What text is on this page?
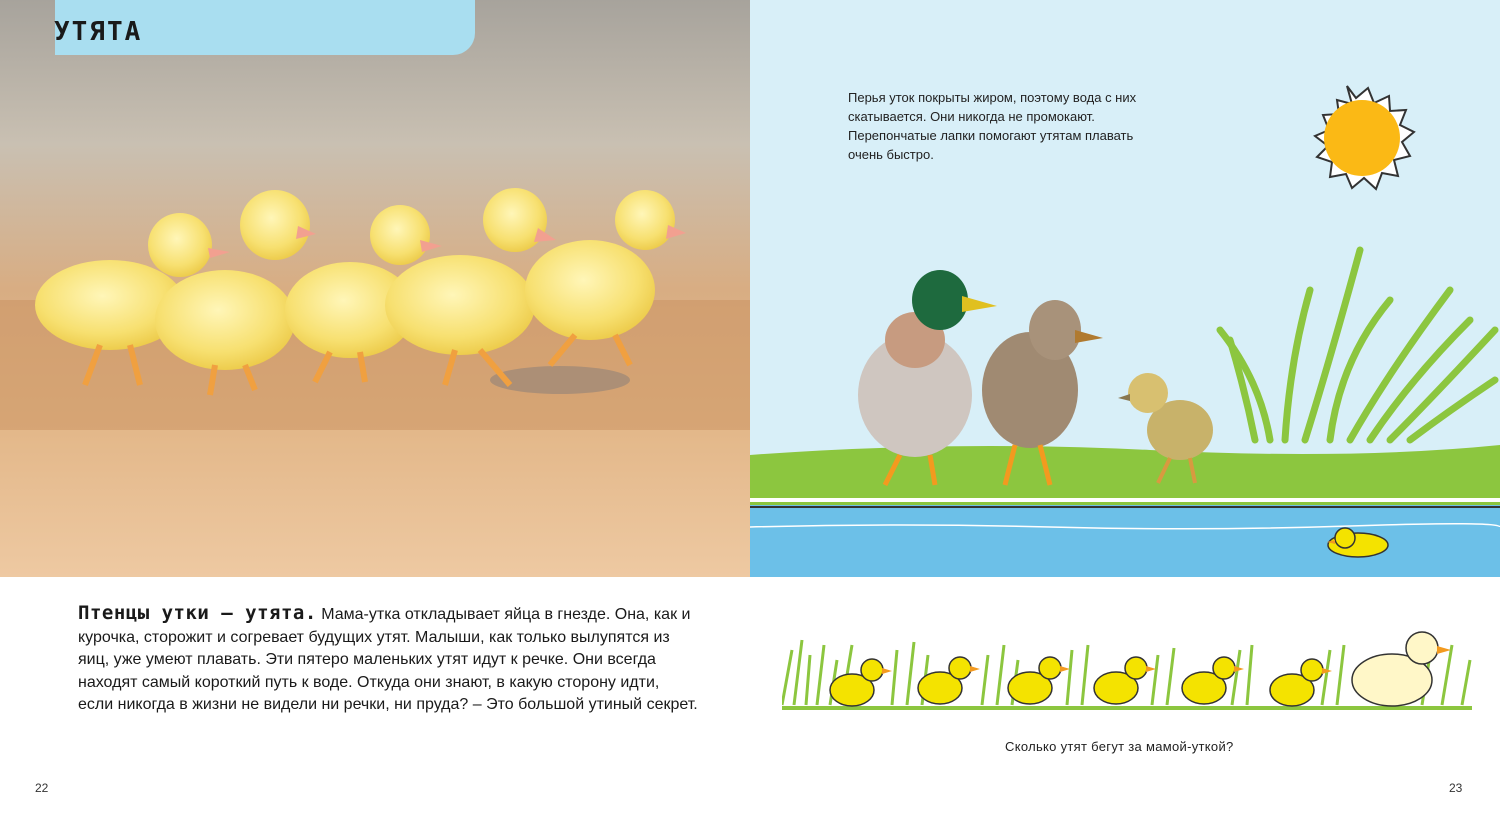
УТЯТА
Перья уток покрыты жиром, поэтому вода с них скатывается. Они никогда не промокают. Перепончатые лапки помогают утятам плавать очень быстро.
Птенцы утки – утята. Мама-утка откладывает яйца в гнезде. Она, как и курочка, сторожит и согревает будущих утят. Малыши, как только вылупятся из яиц, уже умеют плавать. Эти пятеро маленьких утят идут к речке. Они всегда находят самый короткий путь к воде. Откуда они знают, в какую сторону идти, если никогда в жизни не видели ни речки, ни пруда? – Это большой утиный секрет.
Сколько утят бегут за мамой-уткой?
22	23
